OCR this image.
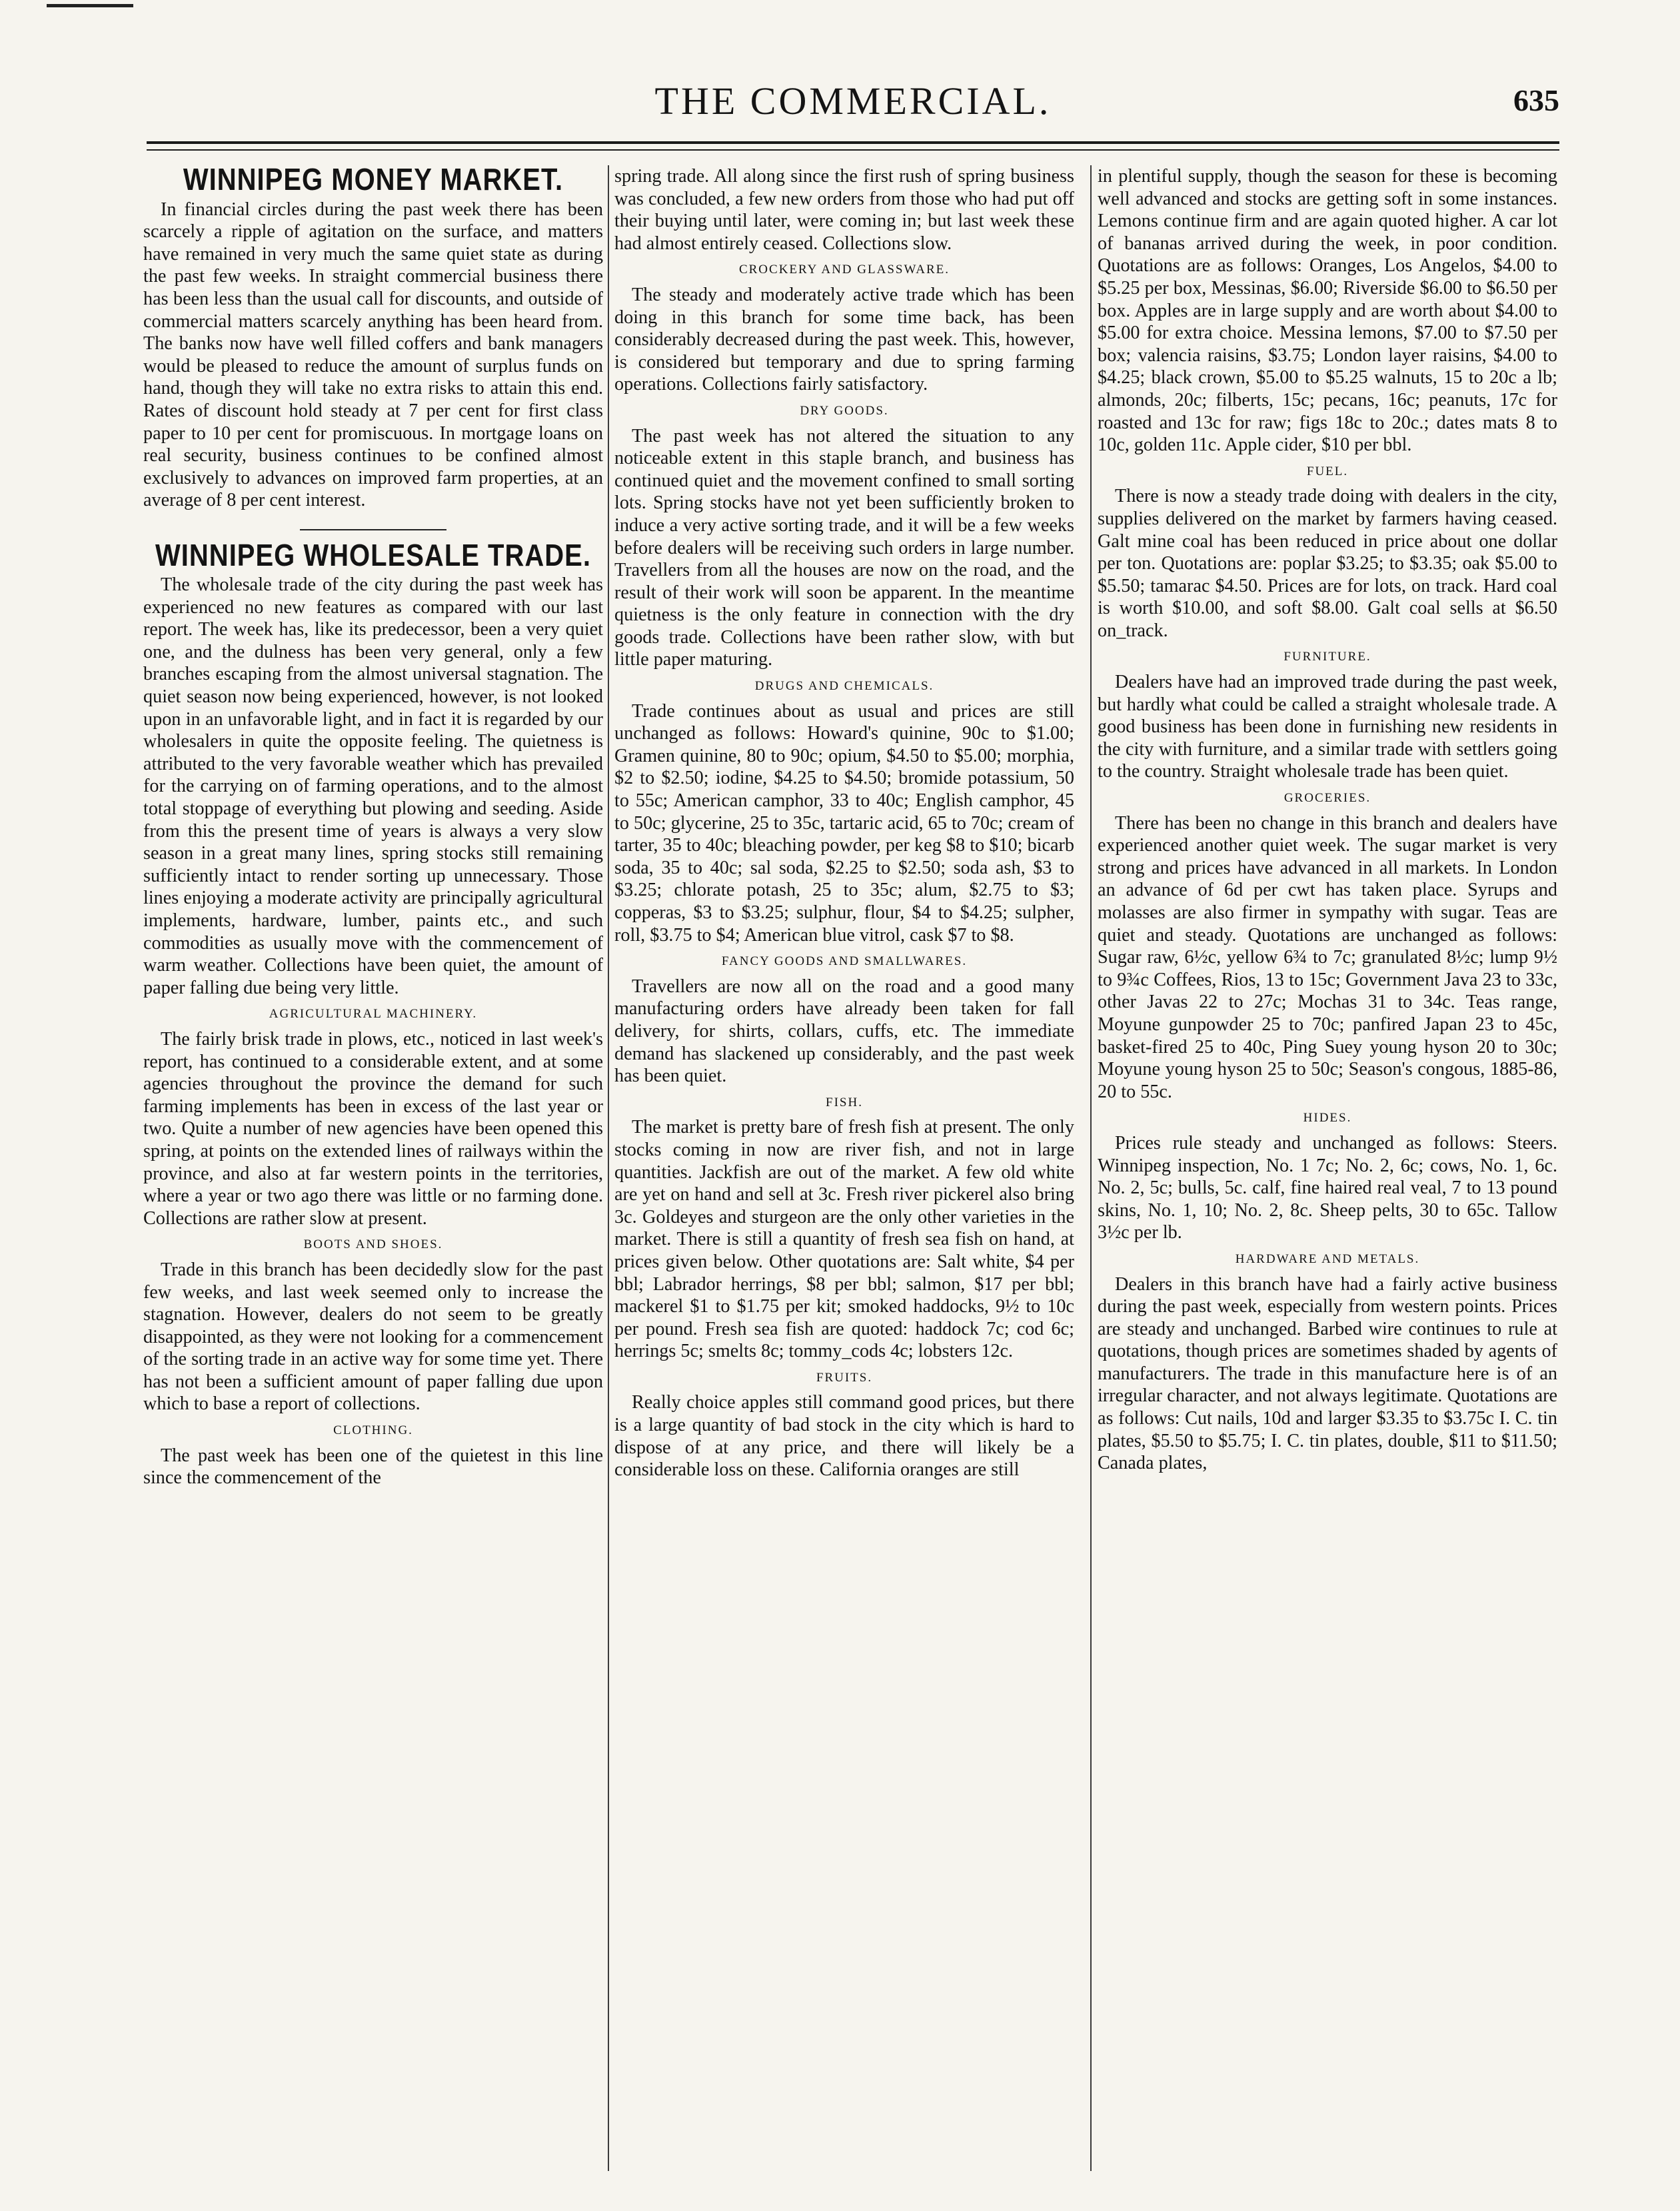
THE COMMERCIAL.	635
WINNIPEG MONEY MARKET.

In financial circles during the past week there has been scarcely a ripple of agitation on the surface, and matters have remained in very much the same quiet state as during the past few weeks. In straight commercial business there has been less than the usual call for discounts, and outside of commercial matters scarcely anything has been heard from. The banks now have well filled coffers and bank managers would be pleased to reduce the amount of surplus funds on hand, though they will take no extra risks to attain this end. Rates of discount hold steady at 7 per cent for first class paper to 10 per cent for promiscuous. In mortgage loans on real security, business continues to be confined almost exclusively to advances on improved farm properties, at an average of 8 per cent interest.

WINNIPEG WHOLESALE TRADE.

The wholesale trade of the city during the past week has experienced no new features as compared with our last report. The week has, like its predecessor, been a very quiet one, and the dulness has been very general, only a few branches escaping from the almost universal stagnation. The quiet season now being experienced, however, is not looked upon in an unfavorable light, and in fact it is regarded by our wholesalers in quite the opposite feeling. The quietness is attributed to the very favorable weather which has prevailed for the carrying on of farming operations, and to the almost total stoppage of everything but plowing and seeding. Aside from this the present time of years is always a very slow season in a great many lines, spring stocks still remaining sufficiently intact to render sorting up unnecessary. Those lines enjoying a moderate activity are principally agricultural implements, hardware, lumber, paints etc., and such commodities as usually move with the commencement of warm weather. Collections have been quiet, the amount of paper falling due being very little.

AGRICULTURAL MACHINERY.

The fairly brisk trade in plows, etc., noticed in last week's report, has continued to a considerable extent, and at some agencies throughout the province the demand for such farming implements has been in excess of the last year or two. Quite a number of new agencies have been opened this spring, at points on the extended lines of railways within the province, and also at far western points in the territories, where a year or two ago there was little or no farming done. Collections are rather slow at present.

BOOTS AND SHOES.

Trade in this branch has been decidedly slow for the past few weeks, and last week seemed only to increase the stagnation. However, dealers do not seem to be greatly disappointed, as they were not looking for a commencement of the sorting trade in an active way for some time yet. There has not been a sufficient amount of paper falling due upon which to base a report of collections.

CLOTHING.

The past week has been one of the quietest in this line since the commencement of the

spring trade. All along since the first rush of spring business was concluded, a few new orders from those who had put off their buying until later, were coming in; but last week these had almost entirely ceased. Collections slow.

CROCKERY AND GLASSWARE.

The steady and moderately active trade which has been doing in this branch for some time back, has been considerably decreased during the past week. This, however, is considered but temporary and due to spring farming operations. Collections fairly satisfactory.

DRY GOODS.

The past week has not altered the situation to any noticeable extent in this staple branch, and business has continued quiet and the movement confined to small sorting lots. Spring stocks have not yet been sufficiently broken to induce a very active sorting trade, and it will be a few weeks before dealers will be receiving such orders in large number. Travellers from all the houses are now on the road, and the result of their work will soon be apparent. In the meantime quietness is the only feature in connection with the dry goods trade. Collections have been rather slow, with but little paper maturing.

DRUGS AND CHEMICALS.

Trade continues about as usual and prices are still unchanged as follows: Howard's quinine, 90c to $1.00; Gramen quinine, 80 to 90c; opium, $4.50 to $5.00; morphia, $2 to $2.50; iodine, $4.25 to $4.50; bromide potassium, 50 to 55c; American camphor, 33 to 40c; English camphor, 45 to 50c; glycerine, 25 to 35c, tartaric acid, 65 to 70c; cream of tarter, 35 to 40c; bleaching powder, per keg $8 to $10; bicarb soda, 35 to 40c; sal soda, $2.25 to $2.50; soda ash, $3 to $3.25; chlorate potash, 25 to 35c; alum, $2.75 to $3; copperas, $3 to $3.25; sulphur, flour, $4 to $4.25; sulpher, roll, $3.75 to $4; American blue vitrol, cask $7 to $8.

FANCY GOODS AND SMALLWARES.

Travellers are now all on the road and a good many manufacturing orders have already been taken for fall delivery, for shirts, collars, cuffs, etc. The immediate demand has slackened up considerably, and the past week has been quiet.

FISH.

The market is pretty bare of fresh fish at present. The only stocks coming in now are river fish, and not in large quantities. Jackfish are out of the market. A few old white are yet on hand and sell at 3c. Fresh river pickerel also bring 3c. Goldeyes and sturgeon are the only other varieties in the market. There is still a quantity of fresh sea fish on hand, at prices given below. Other quotations are: Salt white, $4 per bbl; Labrador herrings, $8 per bbl; salmon, $17 per bbl; mackerel $1 to $1.75 per kit; smoked haddocks, 9½ to 10c per pound. Fresh sea fish are quoted: haddock 7c; cod 6c; herrings 5c; smelts 8c; tommy_cods 4c; lobsters 12c.

FRUITS.

Really choice apples still command good prices, but there is a large quantity of bad stock in the city which is hard to dispose of at any price, and there will likely be a considerable loss on these. California oranges are still

in plentiful supply, though the season for these is becoming well advanced and stocks are getting soft in some instances. Lemons continue firm and are again quoted higher. A car lot of bananas arrived during the week, in poor condition. Quotations are as follows: Oranges, Los Angelos, $4.00 to $5.25 per box, Messinas, $6.00; Riverside $6.00 to $6.50 per box. Apples are in large supply and are worth about $4.00 to $5.00 for extra choice. Messina lemons, $7.00 to $7.50 per box; valencia raisins, $3.75; London layer raisins, $4.00 to $4.25; black crown, $5.00 to $5.25 walnuts, 15 to 20c a lb; almonds, 20c; filberts, 15c; pecans, 16c; peanuts, 17c for roasted and 13c for raw; figs 18c to 20c.; dates mats 8 to 10c, golden 11c. Apple cider, $10 per bbl.

FUEL.

There is now a steady trade doing with dealers in the city, supplies delivered on the market by farmers having ceased. Galt mine coal has been reduced in price about one dollar per ton. Quotations are: poplar $3.25; to $3.35; oak $5.00 to $5.50; tamarac $4.50. Prices are for lots, on track. Hard coal is worth $10.00, and soft $8.00. Galt coal sells at $6.50 on_track.

FURNITURE.

Dealers have had an improved trade during the past week, but hardly what could be called a straight wholesale trade. A good business has been done in furnishing new residents in the city with furniture, and a similar trade with settlers going to the country. Straight wholesale trade has been quiet.

GROCERIES.

There has been no change in this branch and dealers have experienced another quiet week. The sugar market is very strong and prices have advanced in all markets. In London an advance of 6d per cwt has taken place. Syrups and molasses are also firmer in sympathy with sugar. Teas are quiet and steady. Quotations are unchanged as follows: Sugar raw, 6½c, yellow 6¾ to 7c; granulated 8½c; lump 9½ to 9¾c Coffees, Rios, 13 to 15c; Government Java 23 to 33c, other Javas 22 to 27c; Mochas 31 to 34c. Teas range, Moyune gunpowder 25 to 70c; panfired Japan 23 to 45c, basket-fired 25 to 40c, Ping Suey young hyson 20 to 30c; Moyune young hyson 25 to 50c; Season's congous, 1885-86, 20 to 55c.

HIDES.

Prices rule steady and unchanged as follows: Steers. Winnipeg inspection, No. 1 7c; No. 2, 6c; cows, No. 1, 6c. No. 2, 5c; bulls, 5c. calf, fine haired real veal, 7 to 13 pound skins, No. 1, 10; No. 2, 8c. Sheep pelts, 30 to 65c. Tallow 3½c per lb.

HARDWARE AND METALS.

Dealers in this branch have had a fairly active business during the past week, especially from western points. Prices are steady and unchanged. Barbed wire continues to rule at quotations, though prices are sometimes shaded by agents of manufacturers. The trade in this manufacture here is of an irregular character, and not always legitimate. Quotations are as follows: Cut nails, 10d and larger $3.35 to $3.75c I. C. tin plates, $5.50 to $5.75; I. C. tin plates, double, $11 to $11.50; Canada plates,
